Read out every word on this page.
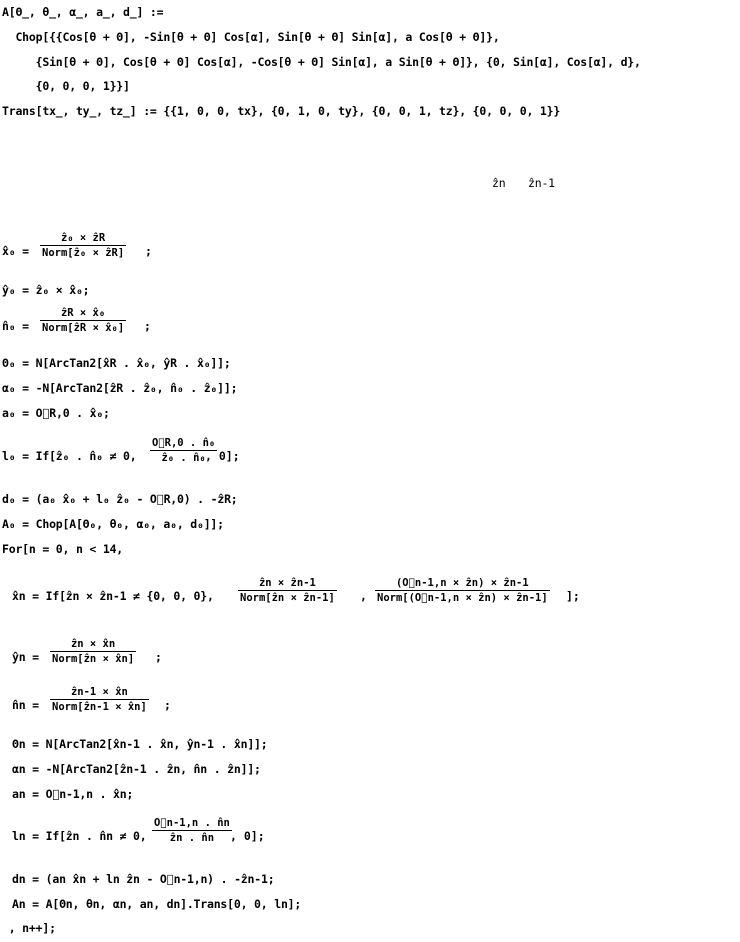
A[Θ_, θ_, α_, a_, d_] :=
Chop[{{Cos[θ + Θ], -Sin[θ + Θ] Cos[α], Sin[θ + Θ] Sin[α], a Cos[θ + Θ]},
{Sin[θ + Θ], Cos[θ + Θ] Cos[α], -Cos[θ + Θ] Sin[α], a Sin[θ + Θ]}, {0, Sin[α], Cos[α], d},
{0, 0, 0, 1}}]
Trans[tx_, ty_, tz_] := {{1, 0, 0, tx}, {0, 1, 0, ty}, {0, 0, 1, tz}, {0, 0, 0, 1}}
ẑn ẑn-1
x̂₀ =
ẑ₀ × ẑR
Norm[ẑ₀ × ẑR] ;
ŷ₀ = ẑ₀ × x̂₀;
n̂₀ =
ẑR × x̂₀
Norm[ẑR × x̂₀] ;
Θ₀ = N[ArcTan2[x̂R . x̂₀, ŷR . x̂₀]];
α₀ = -N[ArcTan2[ẑR . ẑ₀, n̂₀ . ẑ₀]];
a₀ = O⃗R,0 . x̂₀;
l₀ = If[ẑ₀ . n̂₀ ≠ 0, $\frac{\text{O⃗R,0 . n̂₀}}{\text{ẑ₀ . n̂₀}}$
, 0];
d₀ = (a₀ x̂₀ + l₀ ẑ₀ - O⃗R,0) . -ẑR;
A₀ = Chop[A[Θ₀, θ₀, α₀, a₀, d₀]];
For[n = 0, n < 14,
x̂n = If[ẑn × ẑn-1 ≠ {0, 0, 0},
ẑn × ẑn-1
Norm[ẑn × ẑn-1] ,
(O⃗n-1,n × ẑn) × ẑn-1
Norm[(O⃗n-1,n × ẑn) × ẑn-1] ];
ŷn =
ẑn × x̂n
Norm[ẑn × x̂n] ;
n̂n =
ẑn-1 × x̂n
Norm[ẑn-1 × x̂n] ;
Θn = N[ArcTan2[x̂n-1 . x̂n, ŷn-1 . x̂n]];
αn = -N[ArcTan2[ẑn-1 . ẑn, n̂n . ẑn]];
an = O⃗n-1,n . x̂n;
ln = If[ẑn . n̂n ≠ 0, $\frac{O⃗n-1,n . n̂n}{\text{ẑn . n̂n}}$
, 0];
dn = (an x̂n + ln ẑn - O⃗n-1,n) . -ẑn-1;
An = A[Θn, θn, αn, an, dn].Trans[0, 0, ln];
, n++];
